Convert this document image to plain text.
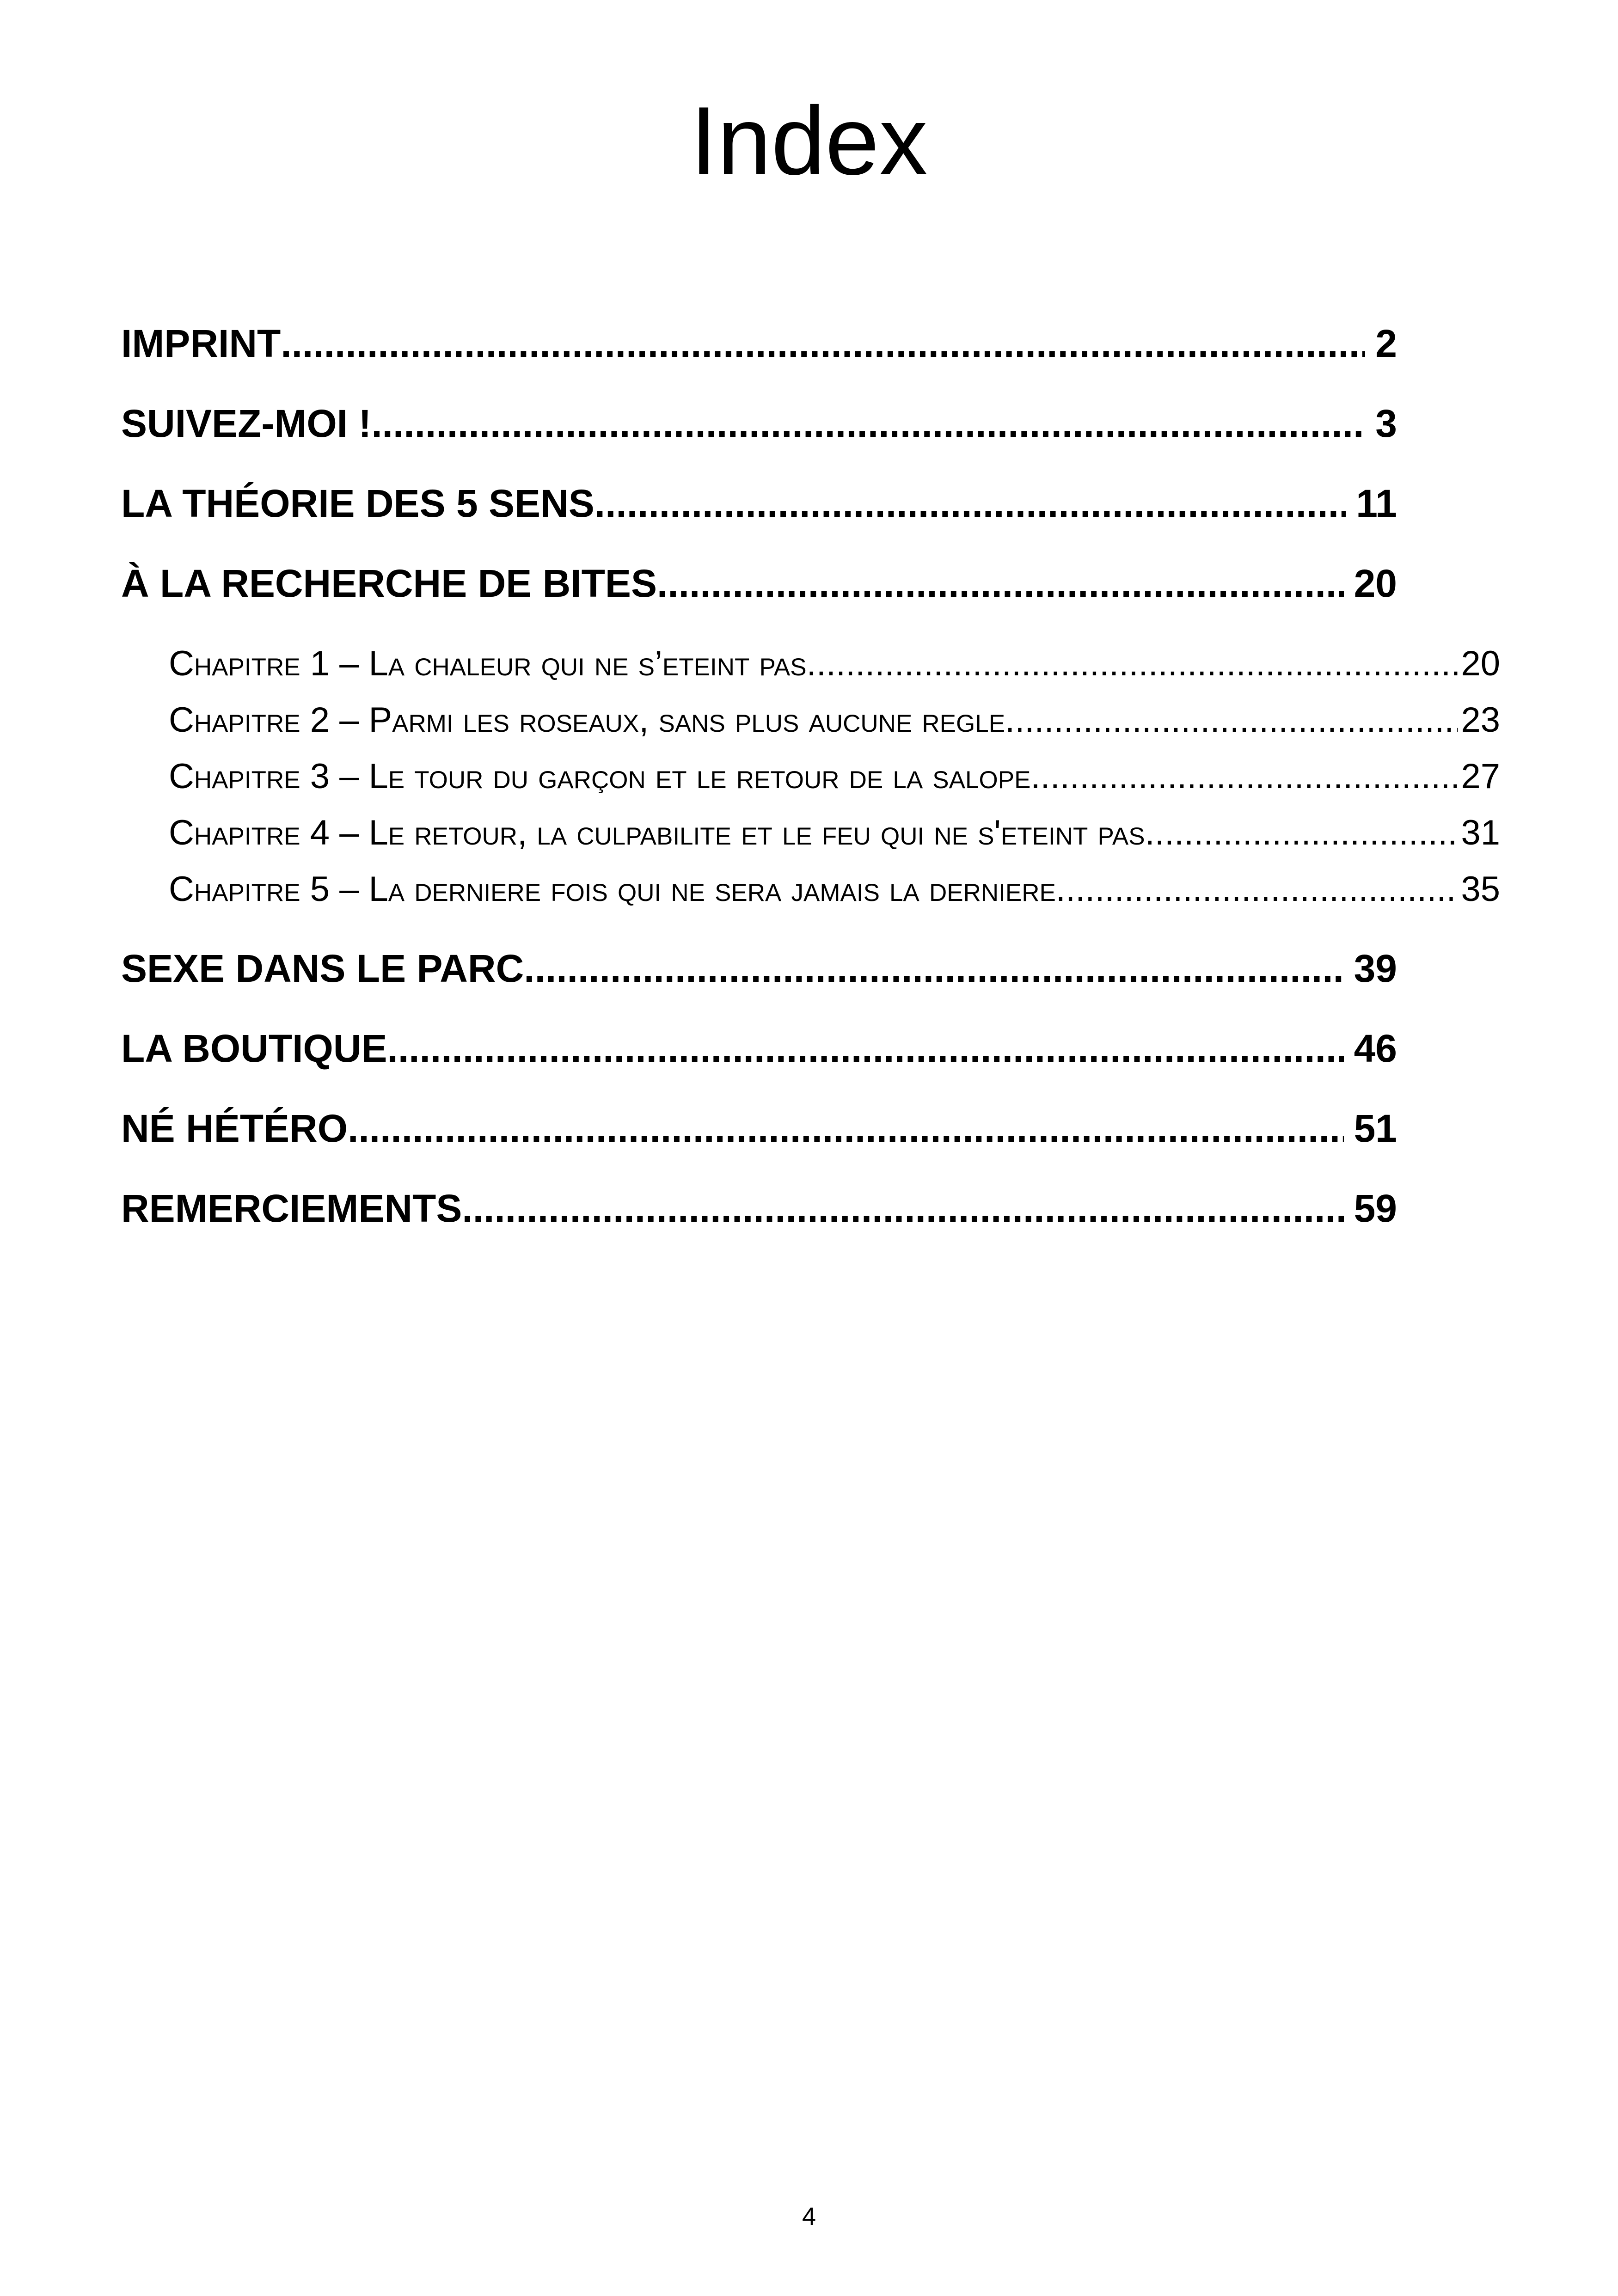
Index
IMPRINT .....	2
SUIVEZ-MOI ! .....	3
LA THÉORIE DES 5 SENS .....	11
À LA RECHERCHE DE BITES .....	20
Chapitre 1 – La chaleur qui ne s’eteint pas .....	20
Chapitre 2 – Parmi les roseaux, sans plus aucune regle .....	23
Chapitre 3 – Le tour du garçon et le retour de la salope .....	27
Chapitre 4 – Le retour, la culpabilite et le feu qui ne s'eteint pas .....	31
Chapitre 5 – La derniere fois qui ne sera jamais la derniere .....	35
SEXE DANS LE PARC .....	39
LA BOUTIQUE .....	46
NÉ HÉTÉRO .....	51
REMERCIEMENTS .....	59
4
